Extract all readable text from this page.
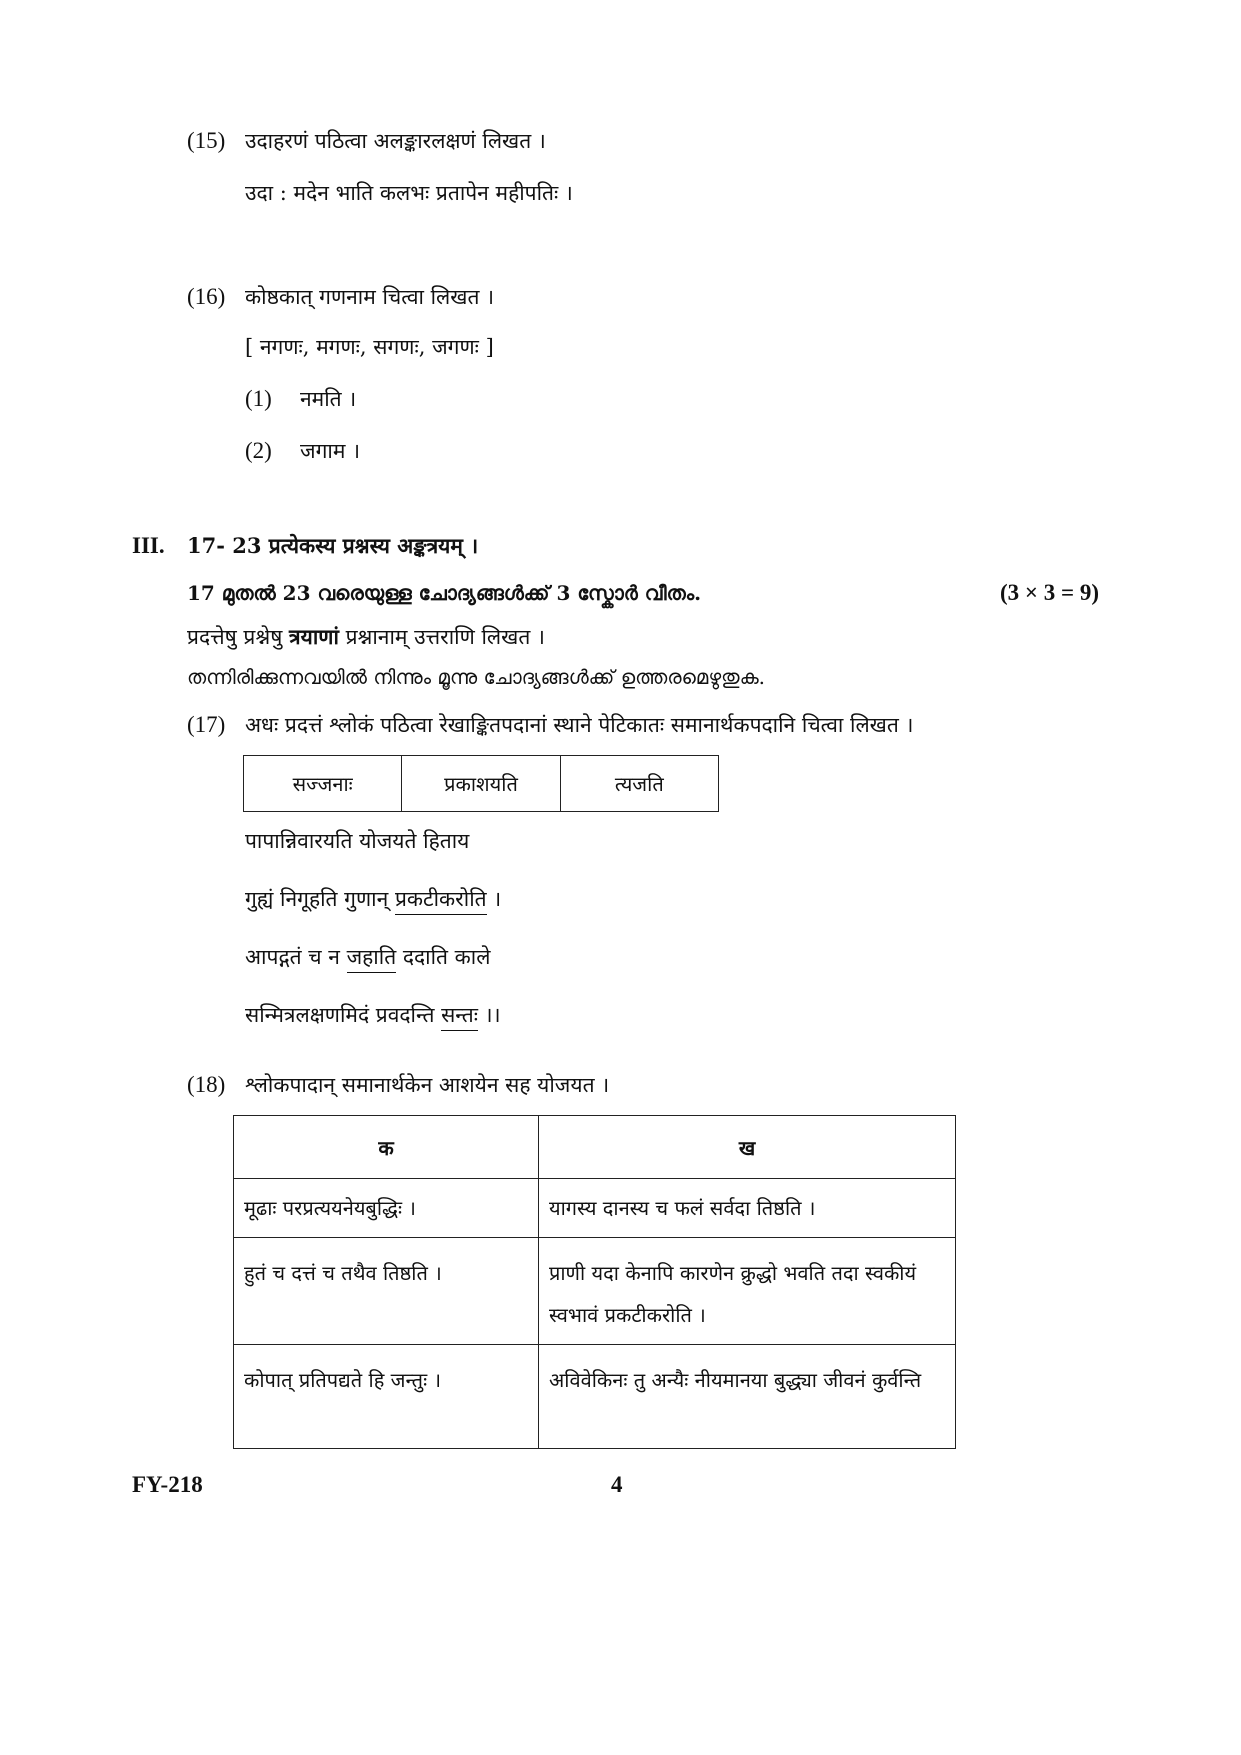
(15) उदाहरणं पठित्वा अलङ्कारलक्षणं लिखत ।
उदा : मदेन भाति कलभः प्रतापेन महीपतिः ।
(16) कोष्ठकात् गणनाम चित्वा लिखत ।
[ नगणः, मगणः, सगणः, जगणः ]
(1) नमति ।
(2) जगाम ।
III. 17- 23 प्रत्येकस्य प्रश्नस्य अङ्कत्रयम् ।
17 മുതൽ 23 വരെയുള്ള ചോദ്യങ്ങൾക്ക് 3 സ്കോർ വീതം.	(3 × 3 = 9)
प्रदत्तेषु प्रश्नेषु त्रयाणां प्रश्नानाम् उत्तराणि लिखत ।
തന്നിരിക്കുന്നവയിൽ നിന്നും മൂന്നു ചോദ്യങ്ങൾക്ക് ഉത്തരമെഴുതുക.
(17) अधः प्रदत्तं श्लोकं पठित्वा रेखाङ्कितपदानां स्थाने पेटिकातः समानार्थकपदानि चित्वा लिखत ।
सज्जनाः	प्रकाशयति	त्यजति
पापान्निवारयति योजयते हिताय
गुह्यं निगूहति गुणान् प्रकटीकरोति ।
आपद्गतं च न जहाति ददाति काले
सन्मित्रलक्षणमिदं प्रवदन्ति सन्तः ।।
(18) श्लोकपादान् समानार्थकेन आशयेन सह योजयत ।
क	ख
मूढाः परप्रत्ययनेयबुद्धिः ।	यागस्य दानस्य च फलं सर्वदा तिष्ठति ।
हुतं च दत्तं च तथैव तिष्ठति ।	प्राणी यदा केनापि कारणेन क्रुद्धो भवति तदा स्वकीयं स्वभावं प्रकटीकरोति ।
कोपात् प्रतिपद्यते हि जन्तुः ।	अविवेकिनः तु अन्यैः नीयमानया बुद्ध्या जीवनं कुर्वन्ति
FY-218	4
